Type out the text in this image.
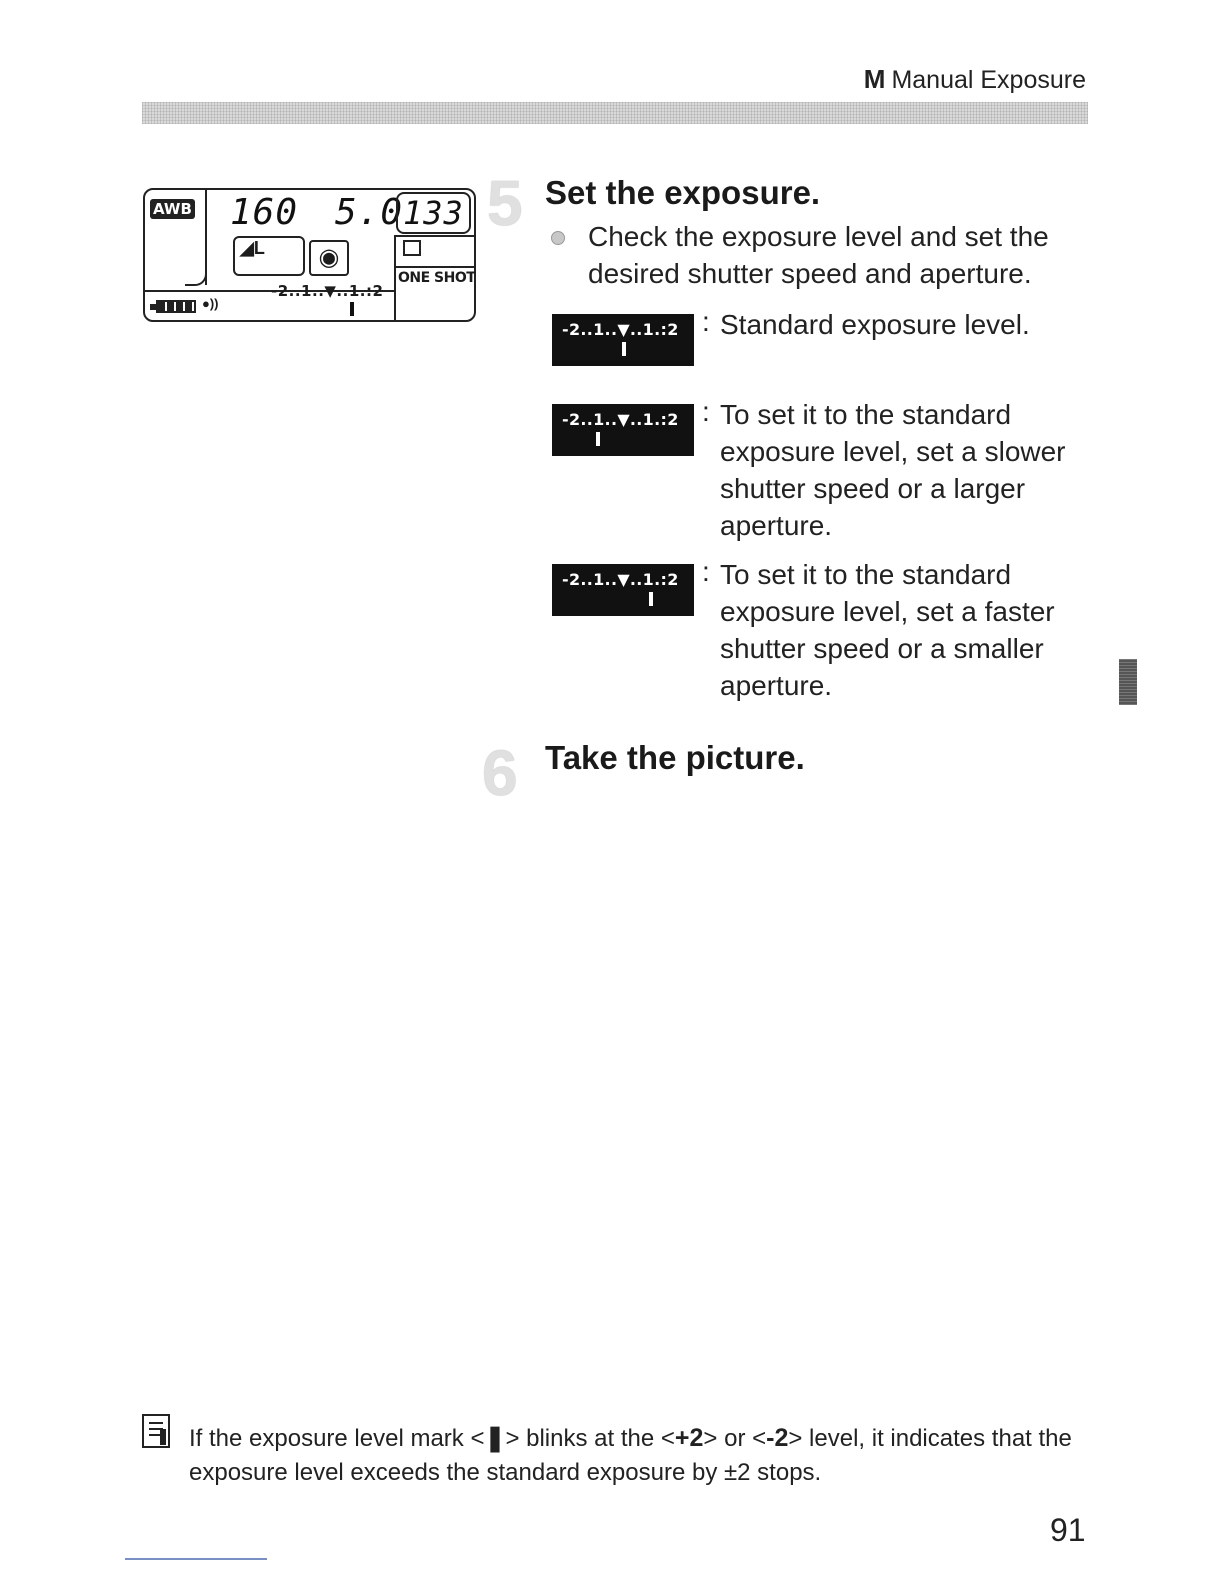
M Manual Exposure
AWB 160 5.0 133
◢L	◉
ONE SHOT
-2..1..▼..1.:2
●))
5 Set the exposure.
Check the exposure level and set the desired shutter speed and aperture.
-2..1..▼..1.:2 : Standard exposure level.
-2..1..▼..1.:2 : To set it to the standard exposure level, set a slower shutter speed or a larger aperture.
-2..1..▼..1.:2 : To set it to the standard exposure level, set a faster shutter speed or a smaller aperture.
6 Take the picture.
If the exposure level mark <❚> blinks at the <+2> or <-2> level, it indicates that the exposure level exceeds the standard exposure by ±2 stops.
91
